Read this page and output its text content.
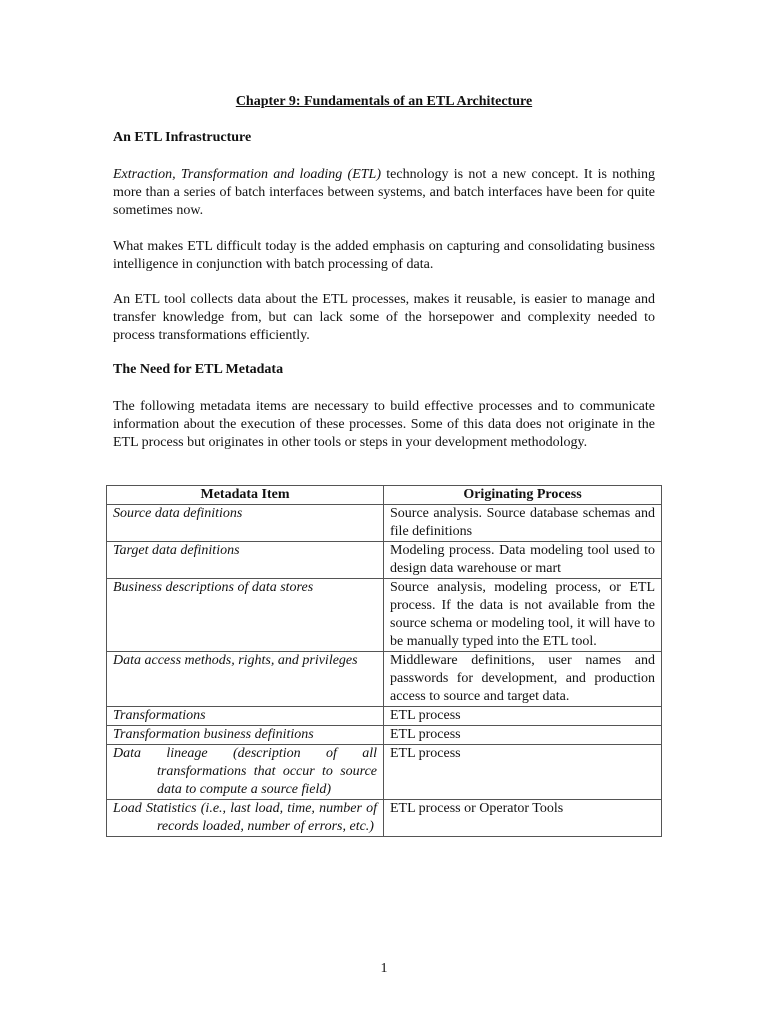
Chapter 9: Fundamentals of an ETL Architecture

An ETL Infrastructure

Extraction, Transformation and loading (ETL) technology is not a new concept. It is nothing more than a series of batch interfaces between systems, and batch interfaces have been for quite sometimes now.

What makes ETL difficult today is the added emphasis on capturing and consolidating business intelligence in conjunction with batch processing of data.

An ETL tool collects data about the ETL processes, makes it reusable, is easier to manage and transfer knowledge from, but can lack some of the horsepower and complexity needed to process transformations efficiently.

The Need for ETL Metadata

The following metadata items are necessary to build effective processes and to communicate information about the execution of these processes. Some of this data does not originate in the ETL process but originates in other tools or steps in your development methodology.

Metadata Item	Originating Process
Source data definitions	Source analysis. Source database schemas and file definitions
Target data definitions	Modeling process. Data modeling tool used to design data warehouse or mart
Business descriptions of data stores	Source analysis, modeling process, or ETL process. If the data is not available from the source schema or modeling tool, it will have to be manually typed into the ETL tool.

Data access methods, rights, and privileges	Middleware definitions, user names and passwords for development, and production access to source and target data.
Transformations	ETL process
Transformation business definitions	ETL process

Data lineage (description of all transformations that occur to source data to compute a source field)	ETL process

Load Statistics (i.e., last load, time, number of records loaded, number of errors, etc.)	ETL process or Operator Tools
1
